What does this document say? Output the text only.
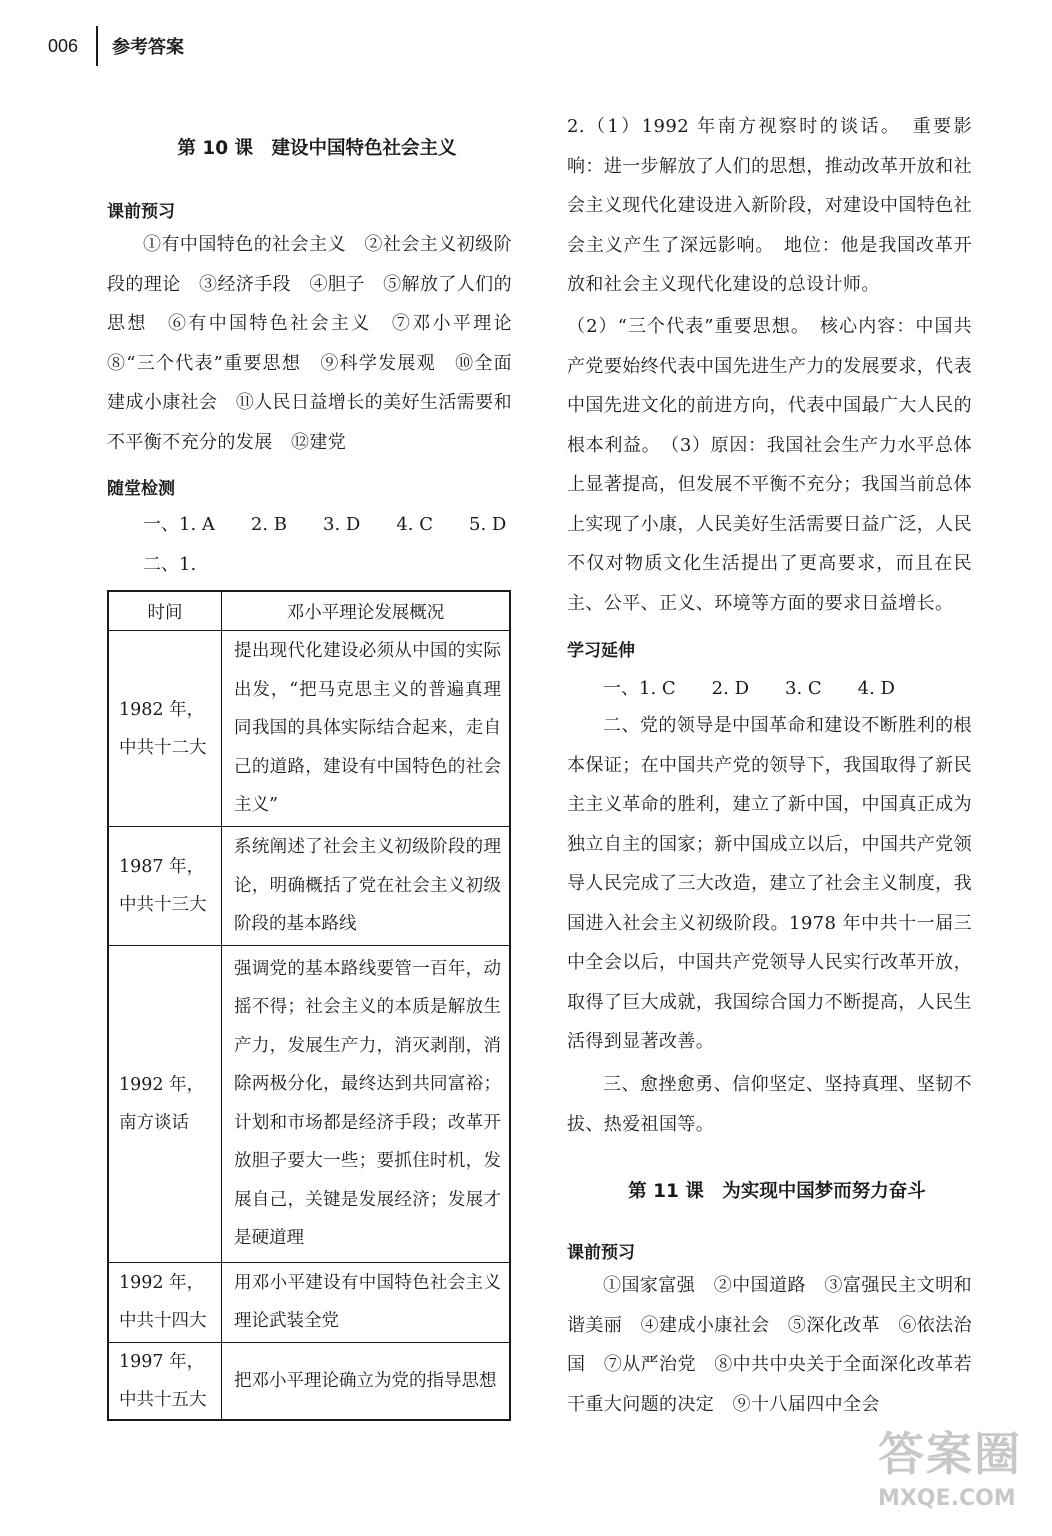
006 参考答案
第 10 课　建设中国特色社会主义
课前预习
①有中国特色的社会主义　②社会主义初级阶段的理论　③经济手段　④胆子　⑤解放了人们的思想　⑥有中国特色社会主义　⑦邓小平理论　⑧“三个代表”重要思想　⑨科学发展观　⑩全面建成小康社会　⑪人民日益增长的美好生活需要和不平衡不充分的发展　⑫建党
随堂检测
一、1. A　　2. B　　3. D　　4. C　　5. D
二、1.
时间	邓小平理论发展概况
1982 年，中共十二大	提出现代化建设必须从中国的实际出发，“把马克思主义的普遍真理同我国的具体实际结合起来，走自己的道路，建设有中国特色的社会主义”
1987 年，中共十三大	系统阐述了社会主义初级阶段的理论，明确概括了党在社会主义初级阶段的基本路线
1992 年，南方谈话	强调党的基本路线要管一百年，动摇不得；社会主义的本质是解放生产力，发展生产力，消灭剥削，消除两极分化，最终达到共同富裕；计划和市场都是经济手段；改革开放胆子要大一些；要抓住时机，发展自己，关键是发展经济；发展才是硬道理
1992 年，中共十四大	用邓小平建设有中国特色社会主义理论武装全党
1997 年，中共十五大	把邓小平理论确立为党的指导思想
2.（1）1992 年南方视察时的谈话。　重要影响：进一步解放了人们的思想，推动改革开放和社会主义现代化建设进入新阶段，对建设中国特色社会主义产生了深远影响。　地位：他是我国改革开放和社会主义现代化建设的总设计师。
（2）“三个代表”重要思想。　核心内容：中国共产党要始终代表中国先进生产力的发展要求，代表中国先进文化的前进方向，代表中国最广大人民的根本利益。　（3）原因：我国社会生产力水平总体上显著提高，但发展不平衡不充分；我国当前总体上实现了小康，人民美好生活需要日益广泛，人民不仅对物质文化生活提出了更高要求，而且在民主、公平、正义、环境等方面的要求日益增长。
学习延伸
一、1. C　　2. D　　3. C　　4. D
二、党的领导是中国革命和建设不断胜利的根本保证；在中国共产党的领导下，我国取得了新民主主义革命的胜利，建立了新中国，中国真正成为独立自主的国家；新中国成立以后，中国共产党领导人民完成了三大改造，建立了社会主义制度，我国进入社会主义初级阶段。1978 年中共十一届三中全会以后，中国共产党领导人民实行改革开放，取得了巨大成就，我国综合国力不断提高，人民生活得到显著改善。
三、愈挫愈勇、信仰坚定、坚持真理、坚韧不拔、热爱祖国等。
第 11 课　为实现中国梦而努力奋斗
课前预习
①国家富强　②中国道路　③富强民主文明和谐美丽　④建成小康社会　⑤深化改革　⑥依法治国　⑦从严治党　⑧中共中央关于全面深化改革若干重大问题的决定　⑨十八届四中全会
答案圈
MXQE.COM
